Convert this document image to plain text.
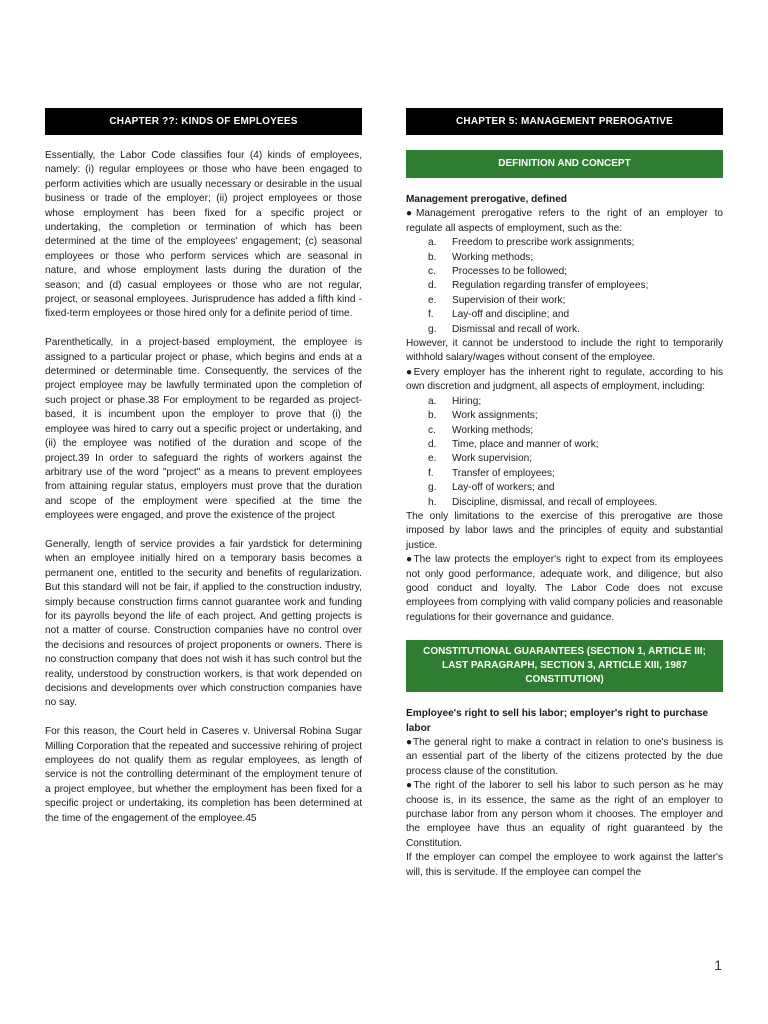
CHAPTER ??: KINDS OF EMPLOYEES

Essentially, the Labor Code classifies four (4) kinds of employees, namely: (i) regular employees or those who have been engaged to perform activities which are usually necessary or desirable in the usual business or trade of the employer; (ii) project employees or those whose employment has been fixed for a specific project or undertaking, the completion or termination of which has been determined at the time of the employees' engagement; (c) seasonal employees or those who perform services which are seasonal in nature, and whose employment lasts during the duration of the season; and (d) casual employees or those who are not regular, project, or seasonal employees. Jurisprudence has added a fifth kind - fixed-term employees or those hired only for a definite period of time.

Parenthetically, in a project-based employment, the employee is assigned to a particular project or phase, which begins and ends at a determined or determinable time. Consequently, the services of the project employee may be lawfully terminated upon the completion of such project or phase.38 For employment to be regarded as project-based, it is incumbent upon the employer to prove that (i) the employee was hired to carry out a specific project or undertaking, and (ii) the employee was notified of the duration and scope of the project.39 In order to safeguard the rights of workers against the arbitrary use of the word "project" as a means to prevent employees from attaining regular status, employers must prove that the duration and scope of the employment were specified at the time the employees were engaged, and prove the existence of the project

Generally, length of service provides a fair yardstick for determining when an employee initially hired on a temporary basis becomes a permanent one, entitled to the security and benefits of regularization. But this standard will not be fair, if applied to the construction industry, simply because construction firms cannot guarantee work and funding for its payrolls beyond the life of each project. And getting projects is not a matter of course. Construction companies have no control over the decisions and resources of project proponents or owners. There is no construction company that does not wish it has such control but the reality, understood by construction workers, is that work depended on decisions and developments over which construction companies have no say.

For this reason, the Court held in Caseres v. Universal Robina Sugar Milling Corporation that the repeated and successive rehiring of project employees do not qualify them as regular employees, as length of service is not the controlling determinant of the employment tenure of a project employee, but whether the employment has been fixed for a specific project or undertaking, its completion has been determined at the time of the engagement of the employee.45

CHAPTER 5: MANAGEMENT PREROGATIVE
DEFINITION AND CONCEPT

Management prerogative, defined

●Management prerogative refers to the right of an employer to regulate all aspects of employment, such as the:

a.	Freedom to prescribe work assignments;
b.	Working methods;
c.	Processes to be followed;
d.	Regulation regarding transfer of employees;
e.	Supervision of their work;
f.	Lay-off and discipline; and
g.	Dismissal and recall of work.

However, it cannot be understood to include the right to temporarily withhold salary/wages without consent of the employee.

●Every employer has the inherent right to regulate, according to his own discretion and judgment, all aspects of employment, including:

a.	Hiring;
b.	Work assignments;
c.	Working methods;
d.	Time, place and manner of work;
e.	Work supervision;
f.	Transfer of employees;
g.	Lay-off of workers; and
h.	Discipline, dismissal, and recall of employees.

The only limitations to the exercise of this prerogative are those imposed by labor laws and the principles of equity and substantial justice.

●The law protects the employer's right to expect from its employees not only good performance, adequate work, and diligence, but also good conduct and loyalty. The Labor Code does not excuse employees from complying with valid company policies and reasonable regulations for their governance and guidance.

CONSTITUTIONAL GUARANTEES (SECTION 1, ARTICLE III; LAST PARAGRAPH, SECTION 3, ARTICLE XIII, 1987 CONSTITUTION)

Employee's right to sell his labor; employer's right to purchase labor

●The general right to make a contract in relation to one's business is an essential part of the liberty of the citizens protected by the due process clause of the constitution.

●The right of the laborer to sell his labor to such person as he may choose is, in its essence, the same as the right of an employer to purchase labor from any person whom it chooses. The employer and the employee have thus an equality of right guaranteed by the Constitution.

If the employer can compel the employee to work against the latter's will, this is servitude. If the employee can compel the

1
